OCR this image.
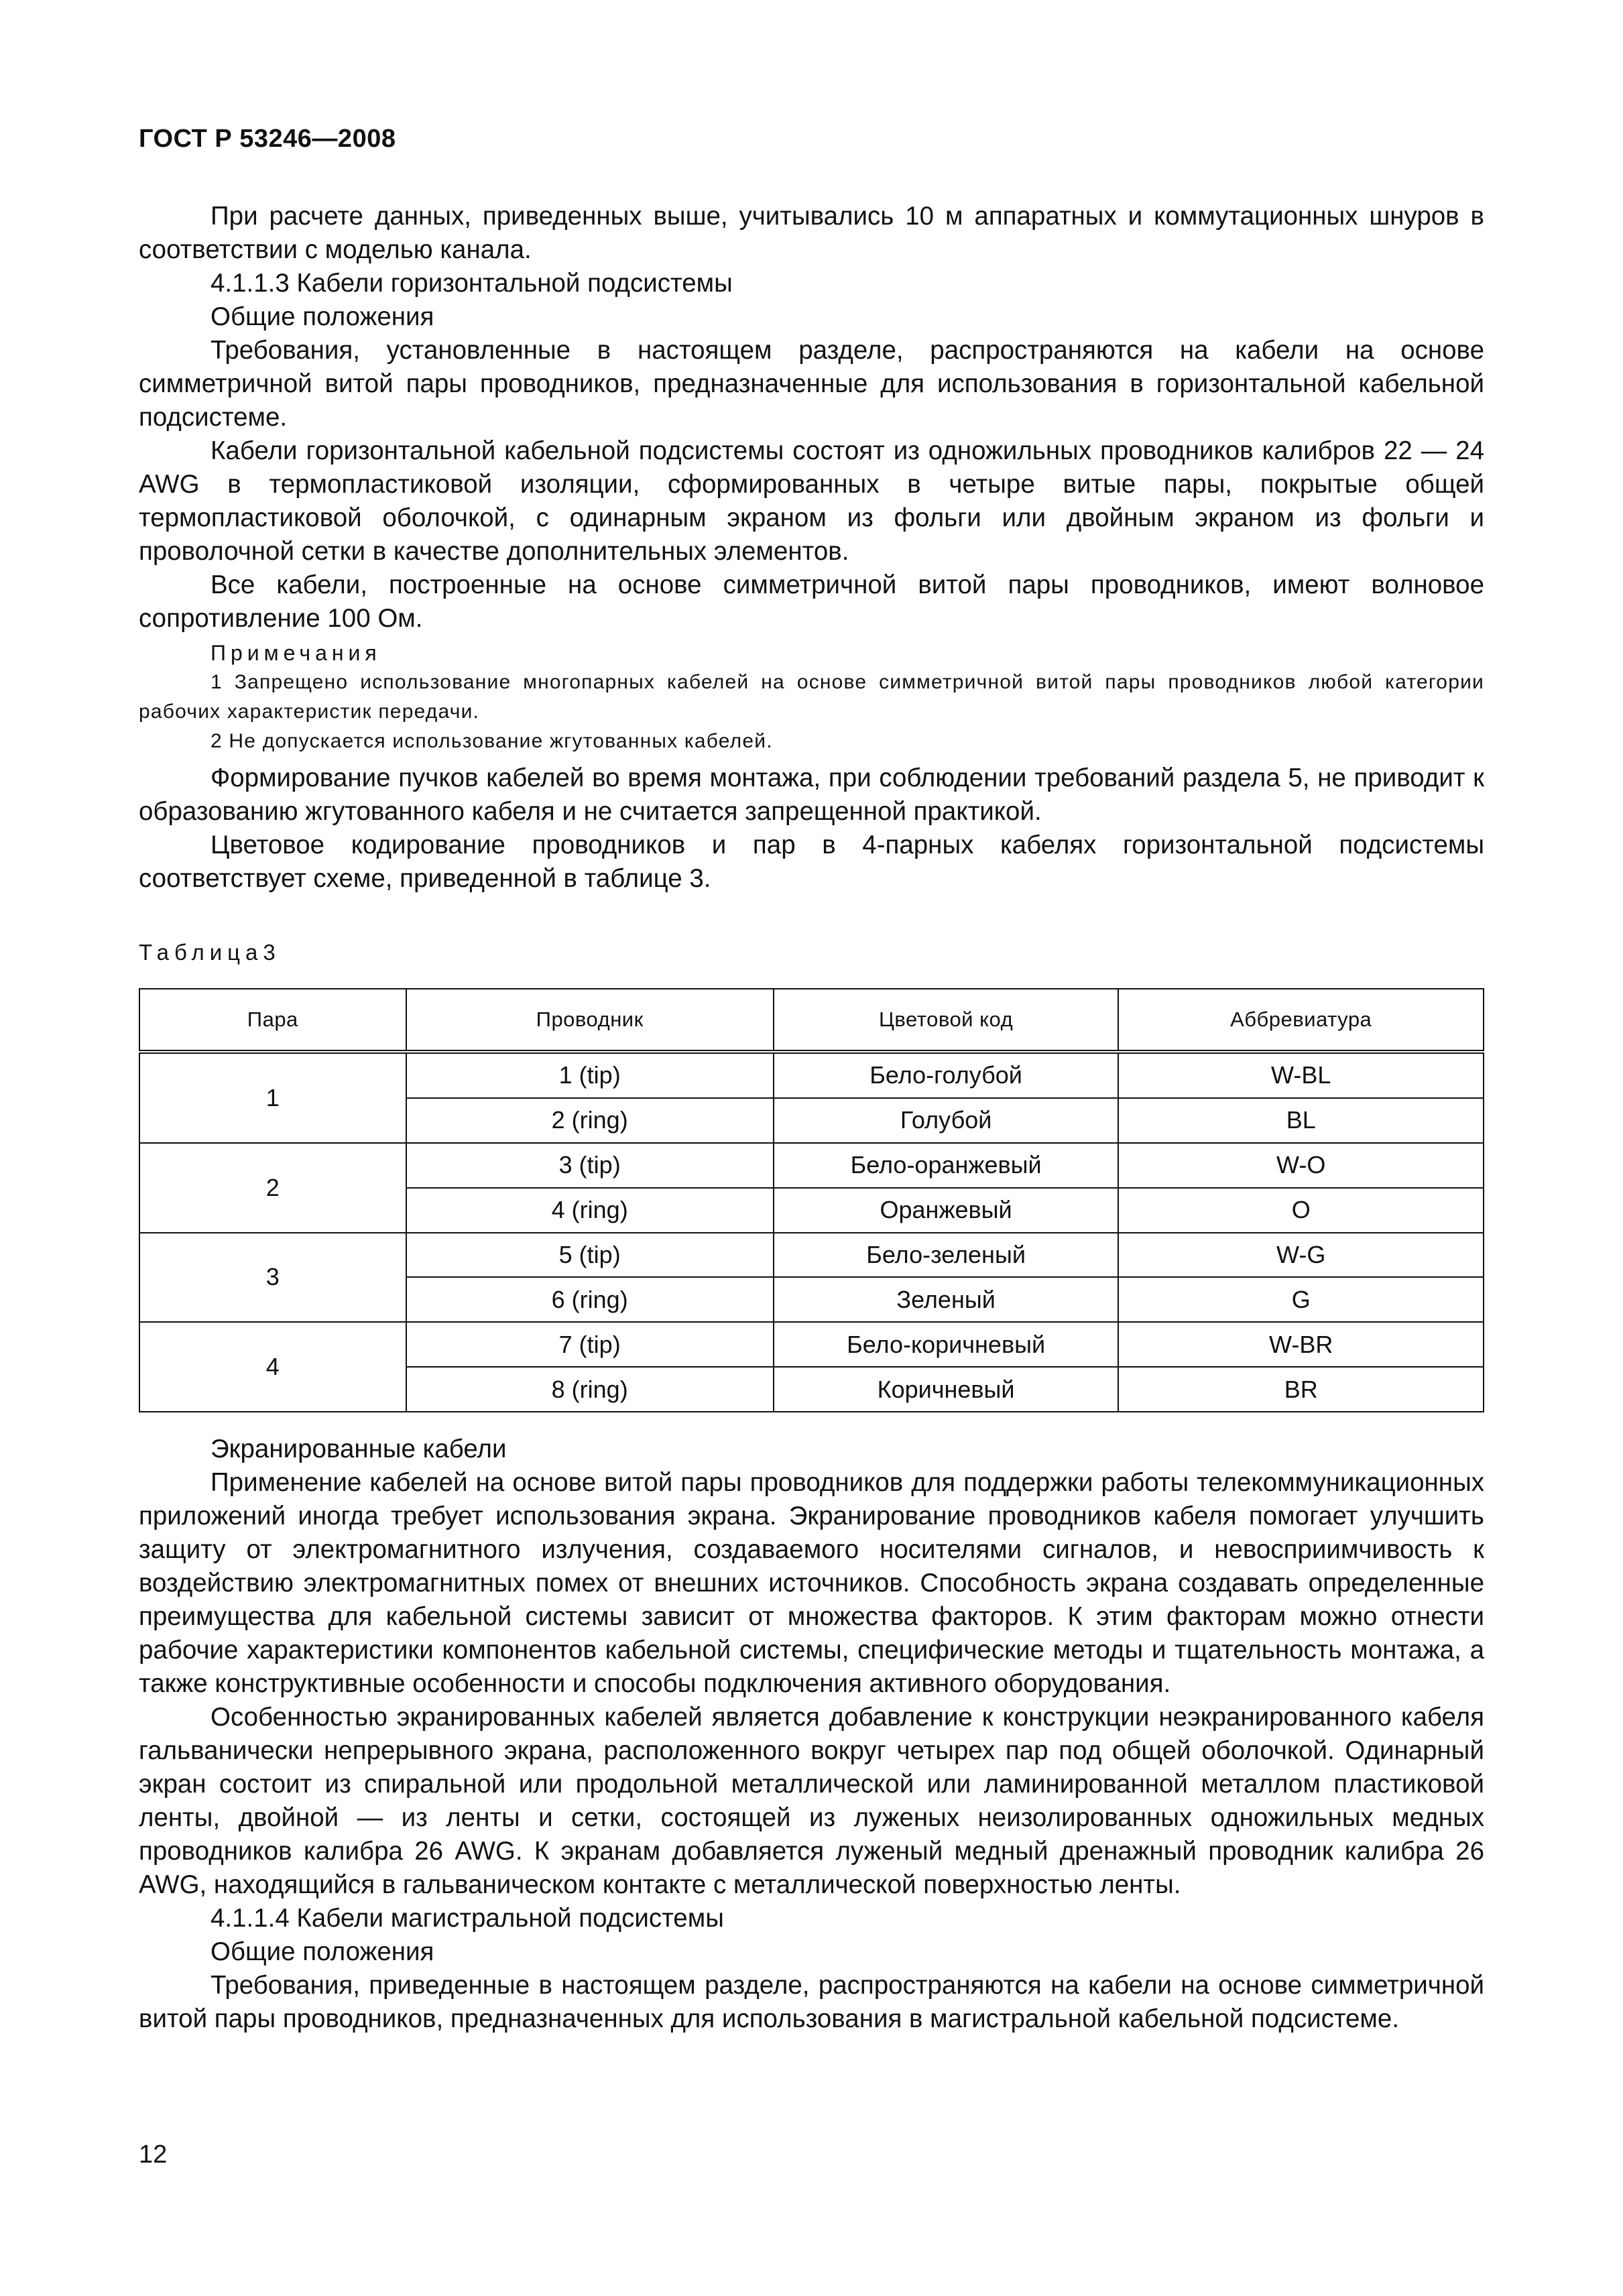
ГОСТ Р 53246—2008

При расчете данных, приведенных выше, учитывались 10 м аппаратных и коммутационных шнуров в соответствии с моделью канала.

4.1.1.3 Кабели горизонтальной подсистемы

Общие положения

Требования, установленные в настоящем разделе, распространяются на кабели на основе симметричной витой пары проводников, предназначенные для использования в горизонтальной кабельной подсистеме.

Кабели горизонтальной кабельной подсистемы состоят из одножильных проводников калибров 22 — 24 AWG в термопластиковой изоляции, сформированных в четыре витые пары, покрытые общей термопластиковой оболочкой, с одинарным экраном из фольги или двойным экраном из фольги и проволочной сетки в качестве дополнительных элементов.

Все кабели, построенные на основе симметричной витой пары проводников, имеют волновое сопротивление 100 Ом.

Примечания

1 Запрещено использование многопарных кабелей на основе симметричной витой пары проводников любой категории рабочих характеристик передачи.

2 Не допускается использование жгутованных кабелей.

Формирование пучков кабелей во время монтажа, при соблюдении требований раздела 5, не приводит к образованию жгутованного кабеля и не считается запрещенной практикой.

Цветовое кодирование проводников и пар в 4-парных кабелях горизонтальной подсистемы соответствует схеме, приведенной в таблице 3.

Таблица3
Пара	Проводник	Цветовой код	Аббревиатура
1	1 (tip)	Бело-голубой	W-BL
	2 (ring)	Голубой	BL
2	3 (tip)	Бело-оранжевый	W-O
	4 (ring)	Оранжевый	O
3	5 (tip)	Бело-зеленый	W-G
	6 (ring)	Зеленый	G
4	7 (tip)	Бело-коричневый	W-BR
	8 (ring)	Коричневый	BR

Экранированные кабели

Применение кабелей на основе витой пары проводников для поддержки работы телекоммуникационных приложений иногда требует использования экрана. Экранирование проводников кабеля помогает улучшить защиту от электромагнитного излучения, создаваемого носителями сигналов, и невосприимчивость к воздействию электромагнитных помех от внешних источников. Способность экрана создавать определенные преимущества для кабельной системы зависит от множества факторов. К этим факторам можно отнести рабочие характеристики компонентов кабельной системы, специфические методы и тщательность монтажа, а также конструктивные особенности и способы подключения активного оборудования.

Особенностью экранированных кабелей является добавление к конструкции неэкранированного кабеля гальванически непрерывного экрана, расположенного вокруг четырех пар под общей оболочкой. Одинарный экран состоит из спиральной или продольной металлической или ламинированной металлом пластиковой ленты, двойной — из ленты и сетки, состоящей из луженых неизолированных одножильных медных проводников калибра 26 AWG. К экранам добавляется луженый медный дренажный проводник калибра 26 AWG, находящийся в гальваническом контакте с металлической поверхностью ленты.

4.1.1.4 Кабели магистральной подсистемы

Общие положения

Требования, приведенные в настоящем разделе, распространяются на кабели на основе симметричной витой пары проводников, предназначенных для использования в магистральной кабельной подсистеме.

12
